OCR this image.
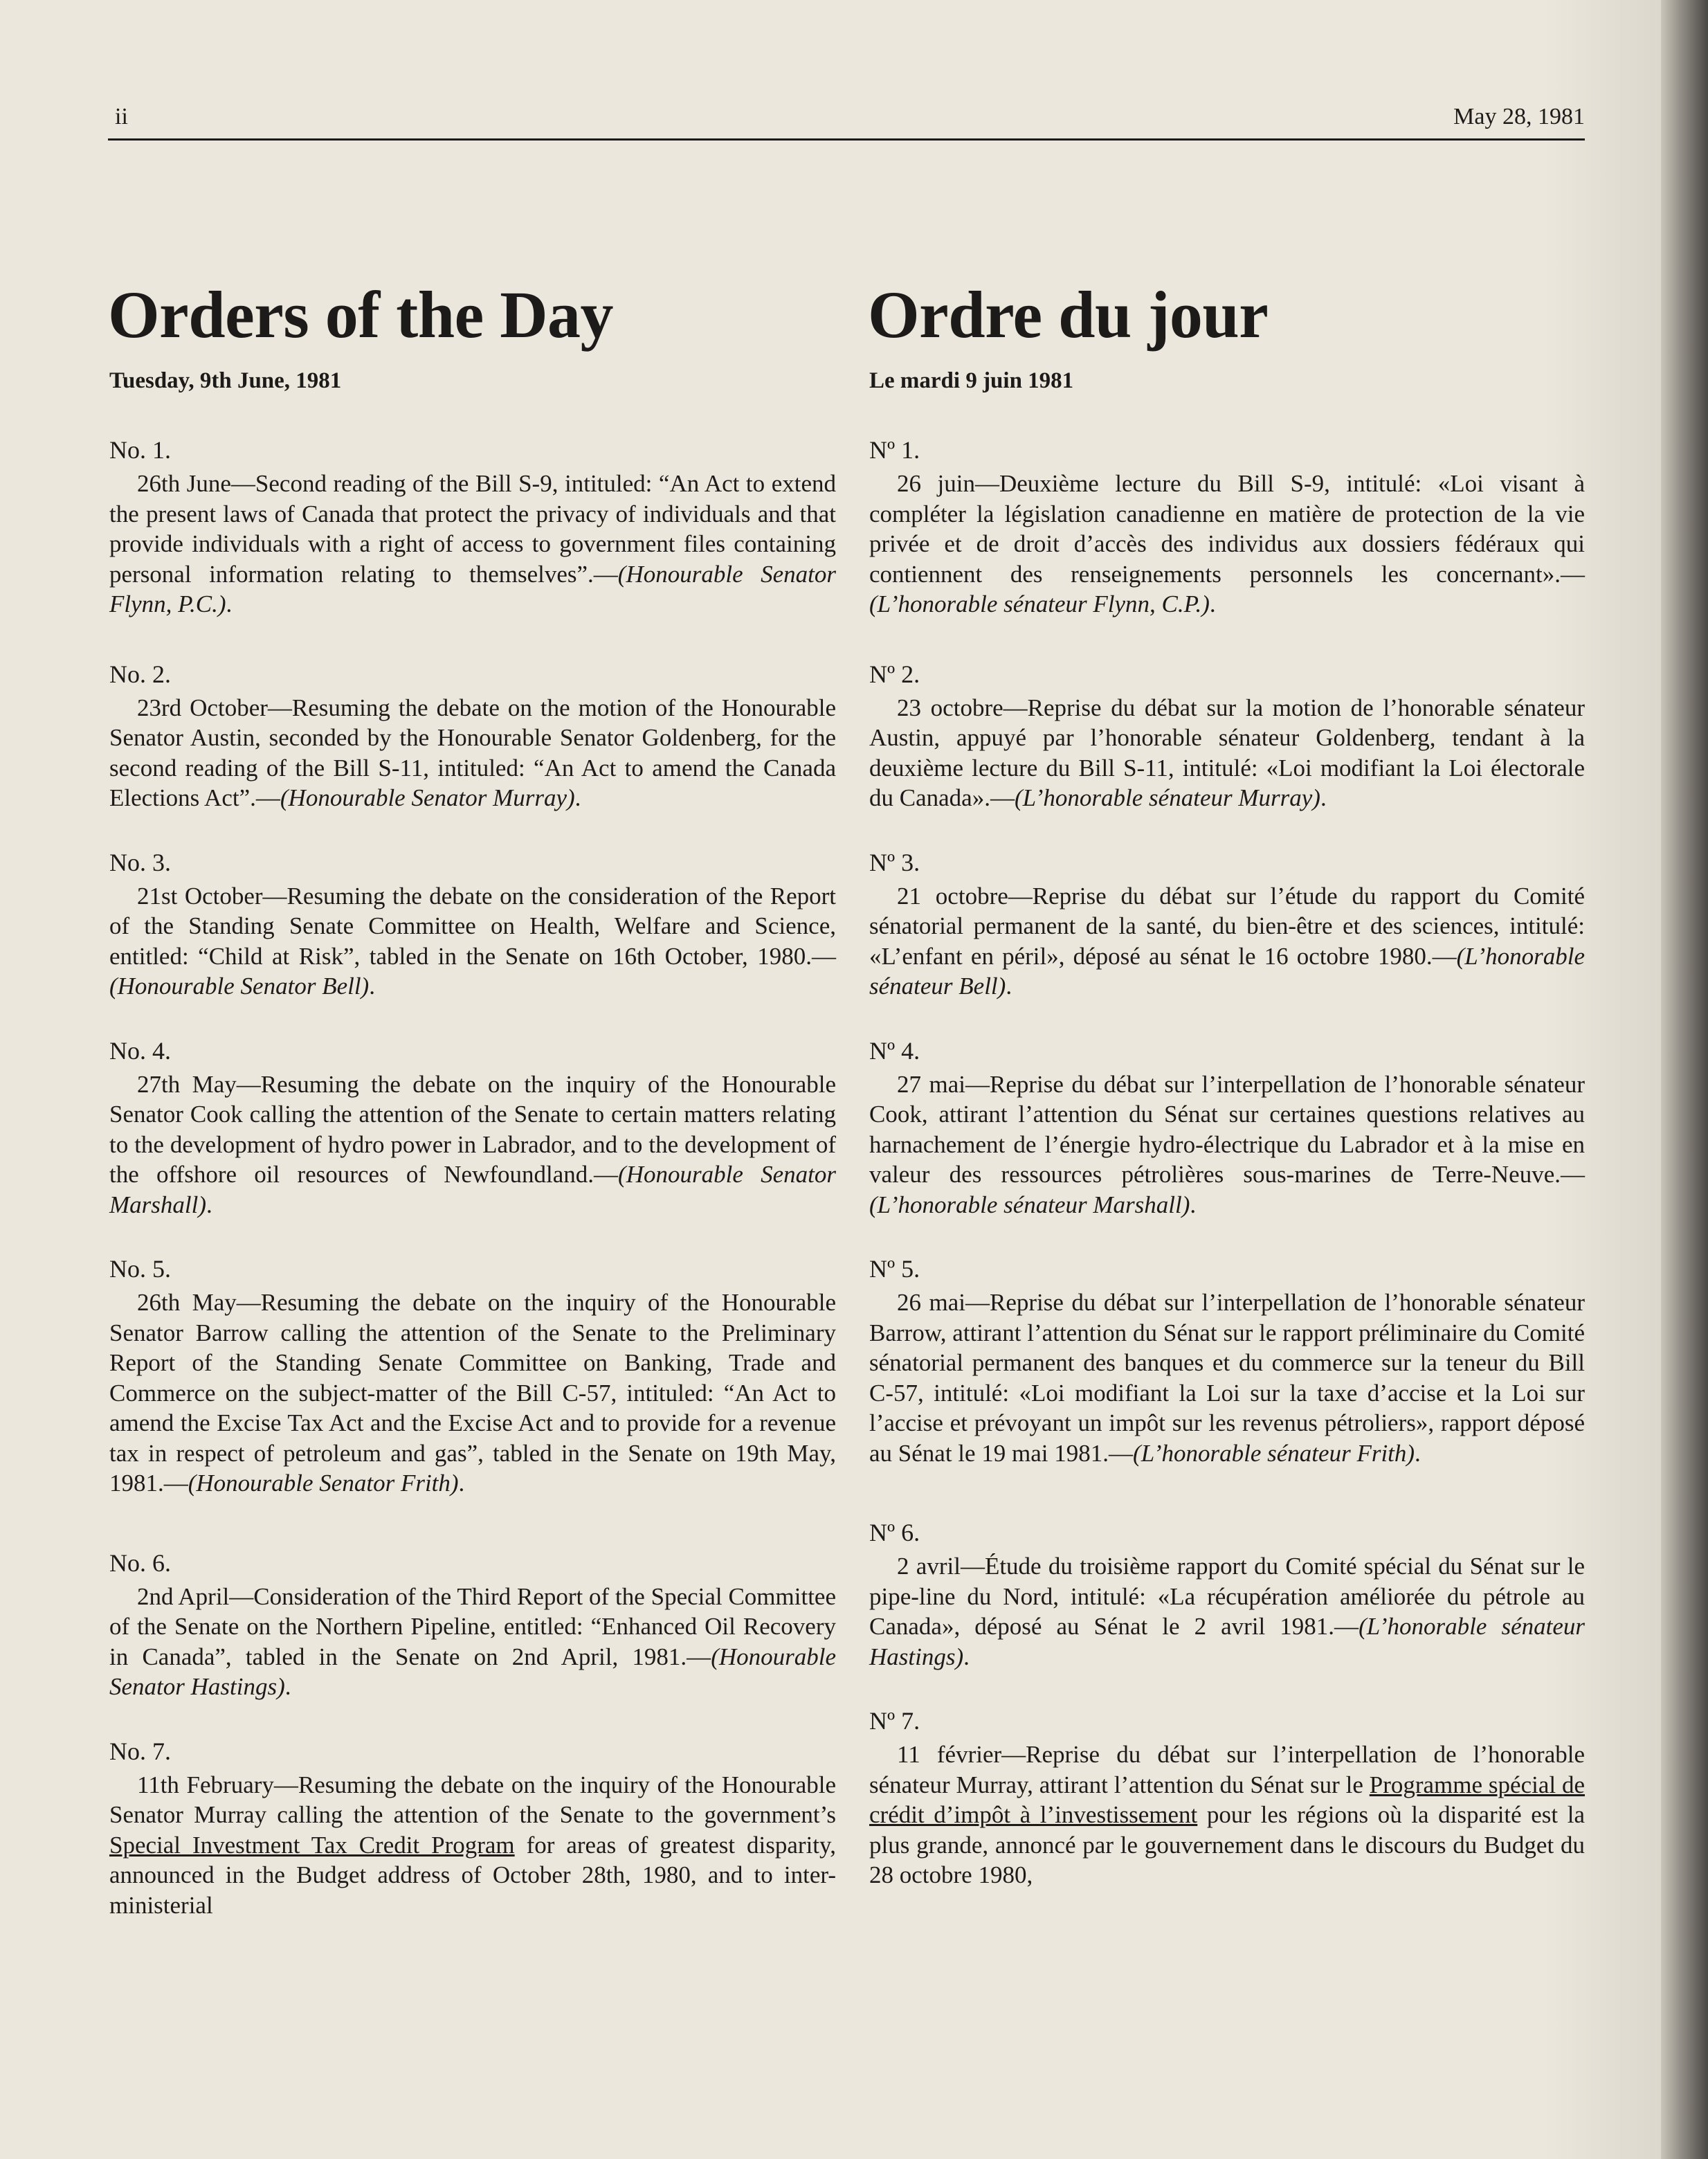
ii	May 28, 1981
Orders of the Day
Tuesday, 9th June, 1981
No. 1.

26th June—Second reading of the Bill S-9, intituled: “An Act to extend the present laws of Canada that protect the privacy of individuals and that provide individuals with a right of access to government files containing personal information relating to themselves”.—(Honourable Senator Flynn, P.C.).

No. 2.

23rd October—Resuming the debate on the motion of the Honourable Senator Austin, seconded by the Honourable Senator Goldenberg, for the second reading of the Bill S-11, intituled: “An Act to amend the Canada Elections Act”.—(Honourable Senator Murray).

No. 3.

21st October—Resuming the debate on the consideration of the Report of the Standing Senate Committee on Health, Welfare and Science, entitled: “Child at Risk”, tabled in the Senate on 16th October, 1980.—(Honourable Senator Bell).

No. 4.

27th May—Resuming the debate on the inquiry of the Honourable Senator Cook calling the attention of the Senate to certain matters relating to the development of hydro power in Labrador, and to the development of the offshore oil resources of Newfoundland.—(Honourable Senator Marshall).

No. 5.

26th May—Resuming the debate on the inquiry of the Honourable Senator Barrow calling the attention of the Senate to the Preliminary Report of the Standing Senate Committee on Banking, Trade and Commerce on the subject-matter of the Bill C-57, intituled: “An Act to amend the Excise Tax Act and the Excise Act and to provide for a revenue tax in respect of petroleum and gas”, tabled in the Senate on 19th May, 1981.—(Honourable Senator Frith).

No. 6.

2nd April—Consideration of the Third Report of the Special Committee of the Senate on the Northern Pipeline, entitled: “Enhanced Oil Recovery in Canada”, tabled in the Senate on 2nd April, 1981.—(Honourable Senator Hastings).

No. 7.

11th February—Resuming the debate on the inquiry of the Honourable Senator Murray calling the attention of the Senate to the government’s Special Investment Tax Credit Program for areas of greatest disparity, announced in the Budget address of October 28th, 1980, and to inter-ministerial

Ordre du jour
Le mardi 9 juin 1981
Nº 1.

26 juin—Deuxième lecture du Bill S-9, intitulé: «Loi visant à compléter la législation canadienne en matière de protection de la vie privée et de droit d’accès des individus aux dossiers fédéraux qui contiennent des renseignements personnels les concernant».—(L’honorable sénateur Flynn, C.P.).

Nº 2.

23 octobre—Reprise du débat sur la motion de l’honorable sénateur Austin, appuyé par l’honorable sénateur Goldenberg, tendant à la deuxième lecture du Bill S-11, intitulé: «Loi modifiant la Loi électorale du Canada».—(L’honorable sénateur Murray).

Nº 3.

21 octobre—Reprise du débat sur l’étude du rapport du Comité sénatorial permanent de la santé, du bien-être et des sciences, intitulé: «L’enfant en péril», déposé au sénat le 16 octobre 1980.—(L’honorable sénateur Bell).

Nº 4.

27 mai—Reprise du débat sur l’interpellation de l’honorable sénateur Cook, attirant l’attention du Sénat sur certaines questions relatives au harnachement de l’énergie hydro-électrique du Labrador et à la mise en valeur des ressources pétrolières sous-marines de Terre-Neuve.—(L’honorable sénateur Marshall).

Nº 5.

26 mai—Reprise du débat sur l’interpellation de l’honorable sénateur Barrow, attirant l’attention du Sénat sur le rapport préliminaire du Comité sénatorial permanent des banques et du commerce sur la teneur du Bill C-57, intitulé: «Loi modifiant la Loi sur la taxe d’accise et la Loi sur l’accise et prévoyant un impôt sur les revenus pétroliers», rapport déposé au Sénat le 19 mai 1981.—(L’honorable sénateur Frith).

Nº 6.

2 avril—Étude du troisième rapport du Comité spécial du Sénat sur le pipe-line du Nord, intitulé: «La récupération améliorée du pétrole au Canada», déposé au Sénat le 2 avril 1981.—(L’honorable sénateur Hastings).

Nº 7.

11 février—Reprise du débat sur l’interpellation de l’honorable sénateur Murray, attirant l’attention du Sénat sur le Programme spécial de crédit d’impôt à l’investissement pour les régions où la disparité est la plus grande, annoncé par le gouvernement dans le discours du Budget du 28 octobre 1980,
